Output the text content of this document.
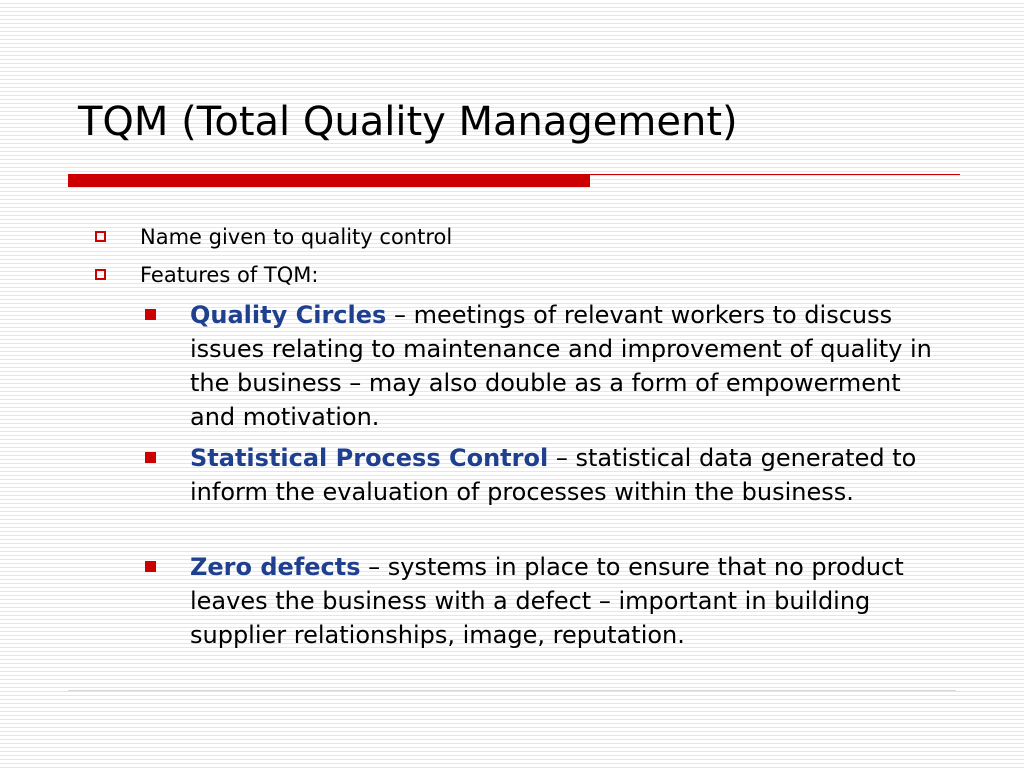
TQM (Total Quality Management)
Name given to quality control
Features of TQM:
Quality Circles – meetings of relevant workers to discuss issues relating to maintenance and improvement of quality in the business – may also double as a form of empowerment and motivation.
Statistical Process Control – statistical data generated to inform the evaluation of processes within the business.
Zero defects – systems in place to ensure that no product leaves the business with a defect – important in building supplier relationships, image, reputation.
